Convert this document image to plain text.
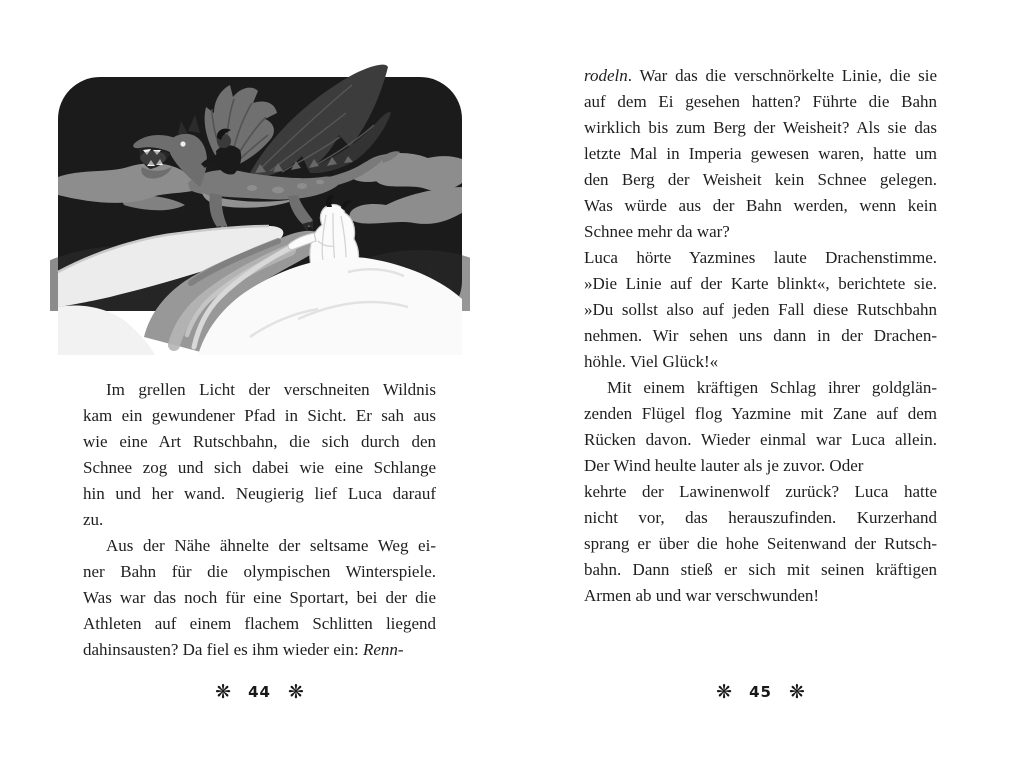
Im grellen Licht der verschneiten Wildnis
kam ein gewundener Pfad in Sicht. Er sah aus
wie eine Art Rutschbahn, die sich durch den
Schnee zog und sich dabei wie eine Schlange
hin und her wand. Neugierig lief Luca darauf
zu.
Aus der Nähe ähnelte der seltsame Weg ei-
ner Bahn für die olympischen Winterspiele.
Was war das noch für eine Sportart, bei der die
Athleten auf einem flachem Schlitten liegend
dahinsausten? Da fiel es ihm wieder ein: Renn-
rodeln. War das die verschnörkelte Linie, die sie
auf dem Ei gesehen hatten? Führte die Bahn
wirklich bis zum Berg der Weisheit? Als sie das
letzte Mal in Imperia gewesen waren, hatte um
den Berg der Weisheit kein Schnee gelegen.
Was würde aus der Bahn werden, wenn kein
Schnee mehr da war?
Luca hörte Yazmines laute Drachenstimme.
»Die Linie auf der Karte blinkt«, berichtete sie.
»Du sollst also auf jeden Fall diese Rutschbahn
nehmen. Wir sehen uns dann in der Drachen-
höhle. Viel Glück!«
Mit einem kräftigen Schlag ihrer goldglän-
zenden Flügel flog Yazmine mit Zane auf dem
Rücken davon. Wieder einmal war Luca allein.
Der Wind heulte lauter als je zuvor. Oder
kehrte der Lawinenwolf zurück? Luca hatte
nicht vor, das herauszufinden. Kurzerhand
sprang er über die hohe Seitenwand der Rutsch-
bahn. Dann stieß er sich mit seinen kräftigen
Armen ab und war verschwunden!
❋ 44 ❋	❋ 45 ❋
